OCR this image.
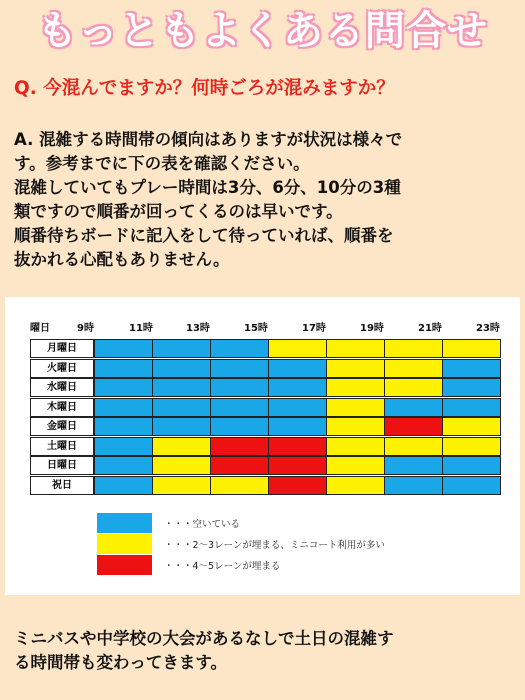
もっともよくある問合せ
Q. 今混んでますか？何時ごろが混みますか？
A. 混雑する時間帯の傾向はありますが状況は様々で
す。参考までに下の表を確認ください。
混雑していてもプレー時間は3分、6分、10分の3種
類ですので順番が回ってくるのは早いです。
順番待ちボードに記入をして待っていれば、順番を
抜かれる心配もありません。
曜日	9時	11時	13時	15時	17時	19時	21時	23時
月曜日
火曜日
水曜日
木曜日
金曜日
土曜日
日曜日
祝日
・・・空いている
・・・2〜3レーンが埋まる、ミニコート利用が多い
・・・4〜5レーンが埋まる
ミニバスや中学校の大会があるなしで土日の混雑す
る時間帯も変わってきます。
